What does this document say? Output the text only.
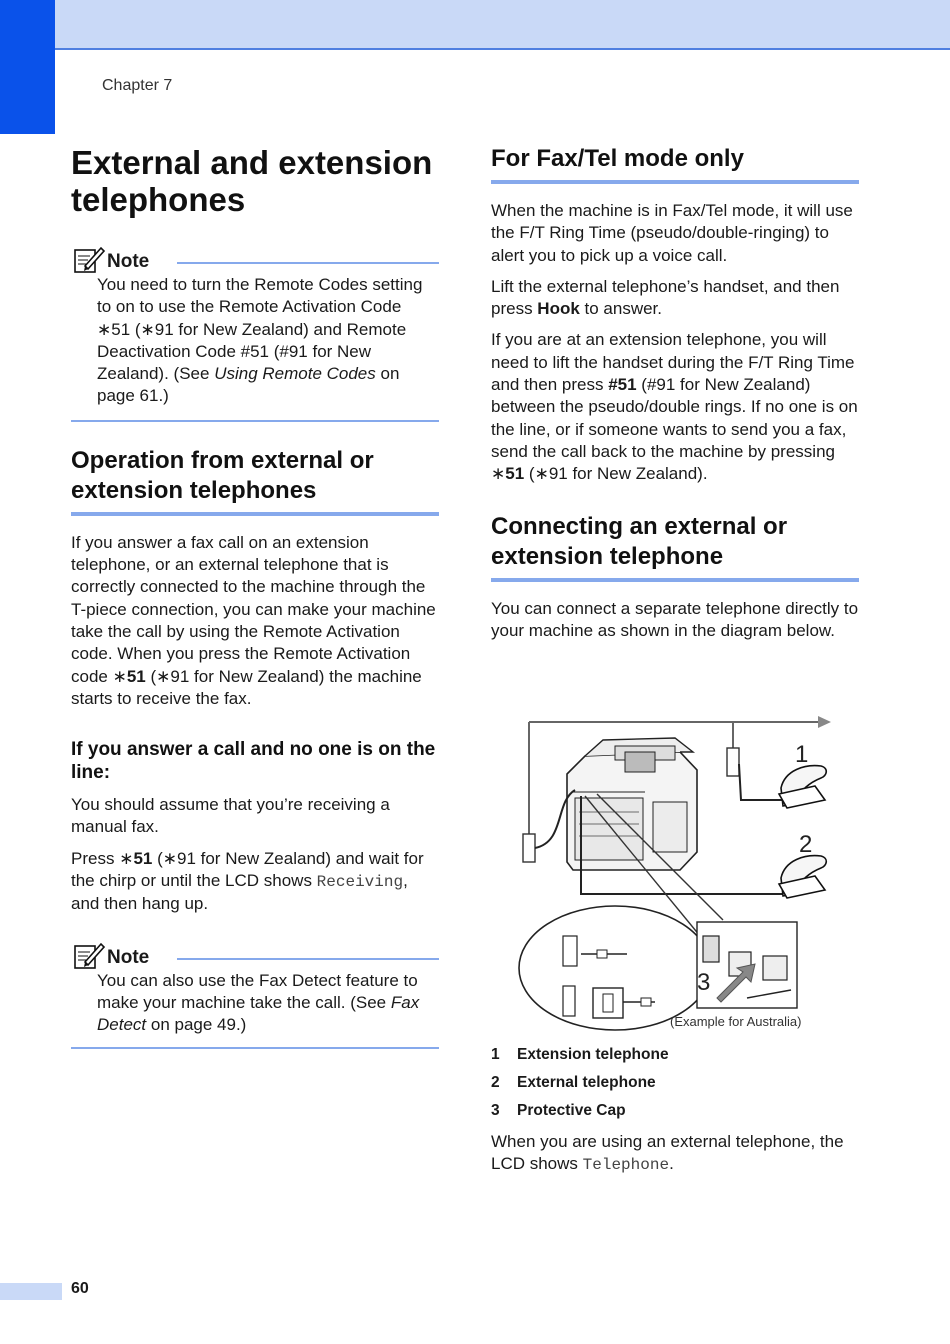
Chapter 7
External and extension telephones
Note

You need to turn the Remote Codes setting to on to use the Remote Activation Code ∗51 (∗91 for New Zealand) and Remote Deactivation Code #51 (#91 for New Zealand). (See Using Remote Codes on page 61.)

Operation from external or extension telephones

If you answer a fax call on an extension telephone, or an external telephone that is correctly connected to the machine through the T-piece connection, you can make your machine take the call by using the Remote Activation code. When you press the Remote Activation code ∗51 (∗91 for New Zealand) the machine starts to receive the fax.

If you answer a call and no one is on the line:

You should assume that you’re receiving a manual fax.

Press ∗51 (∗91 for New Zealand) and wait for the chirp or until the LCD shows Receiving, and then hang up.

Note

You can also use the Fax Detect feature to make your machine take the call. (See Fax Detect on page 49.)

For Fax/Tel mode only

When the machine is in Fax/Tel mode, it will use the F/T Ring Time (pseudo/double-ringing) to alert you to pick up a voice call.

Lift the external telephone’s handset, and then press Hook to answer.

If you are at an extension telephone, you will need to lift the handset during the F/T Ring Time and then press #51 (#91 for New Zealand) between the pseudo/double rings. If no one is on the line, or if someone wants to send you a fax, send the call back to the machine by pressing ∗51 (∗91 for New Zealand).

Connecting an external or extension telephone

You can connect a separate telephone directly to your machine as shown in the diagram below.

1
2
3
(Example for Australia)
1 Extension telephone
2 External telephone
3 Protective Cap

When you are using an external telephone, the LCD shows Telephone.

60
